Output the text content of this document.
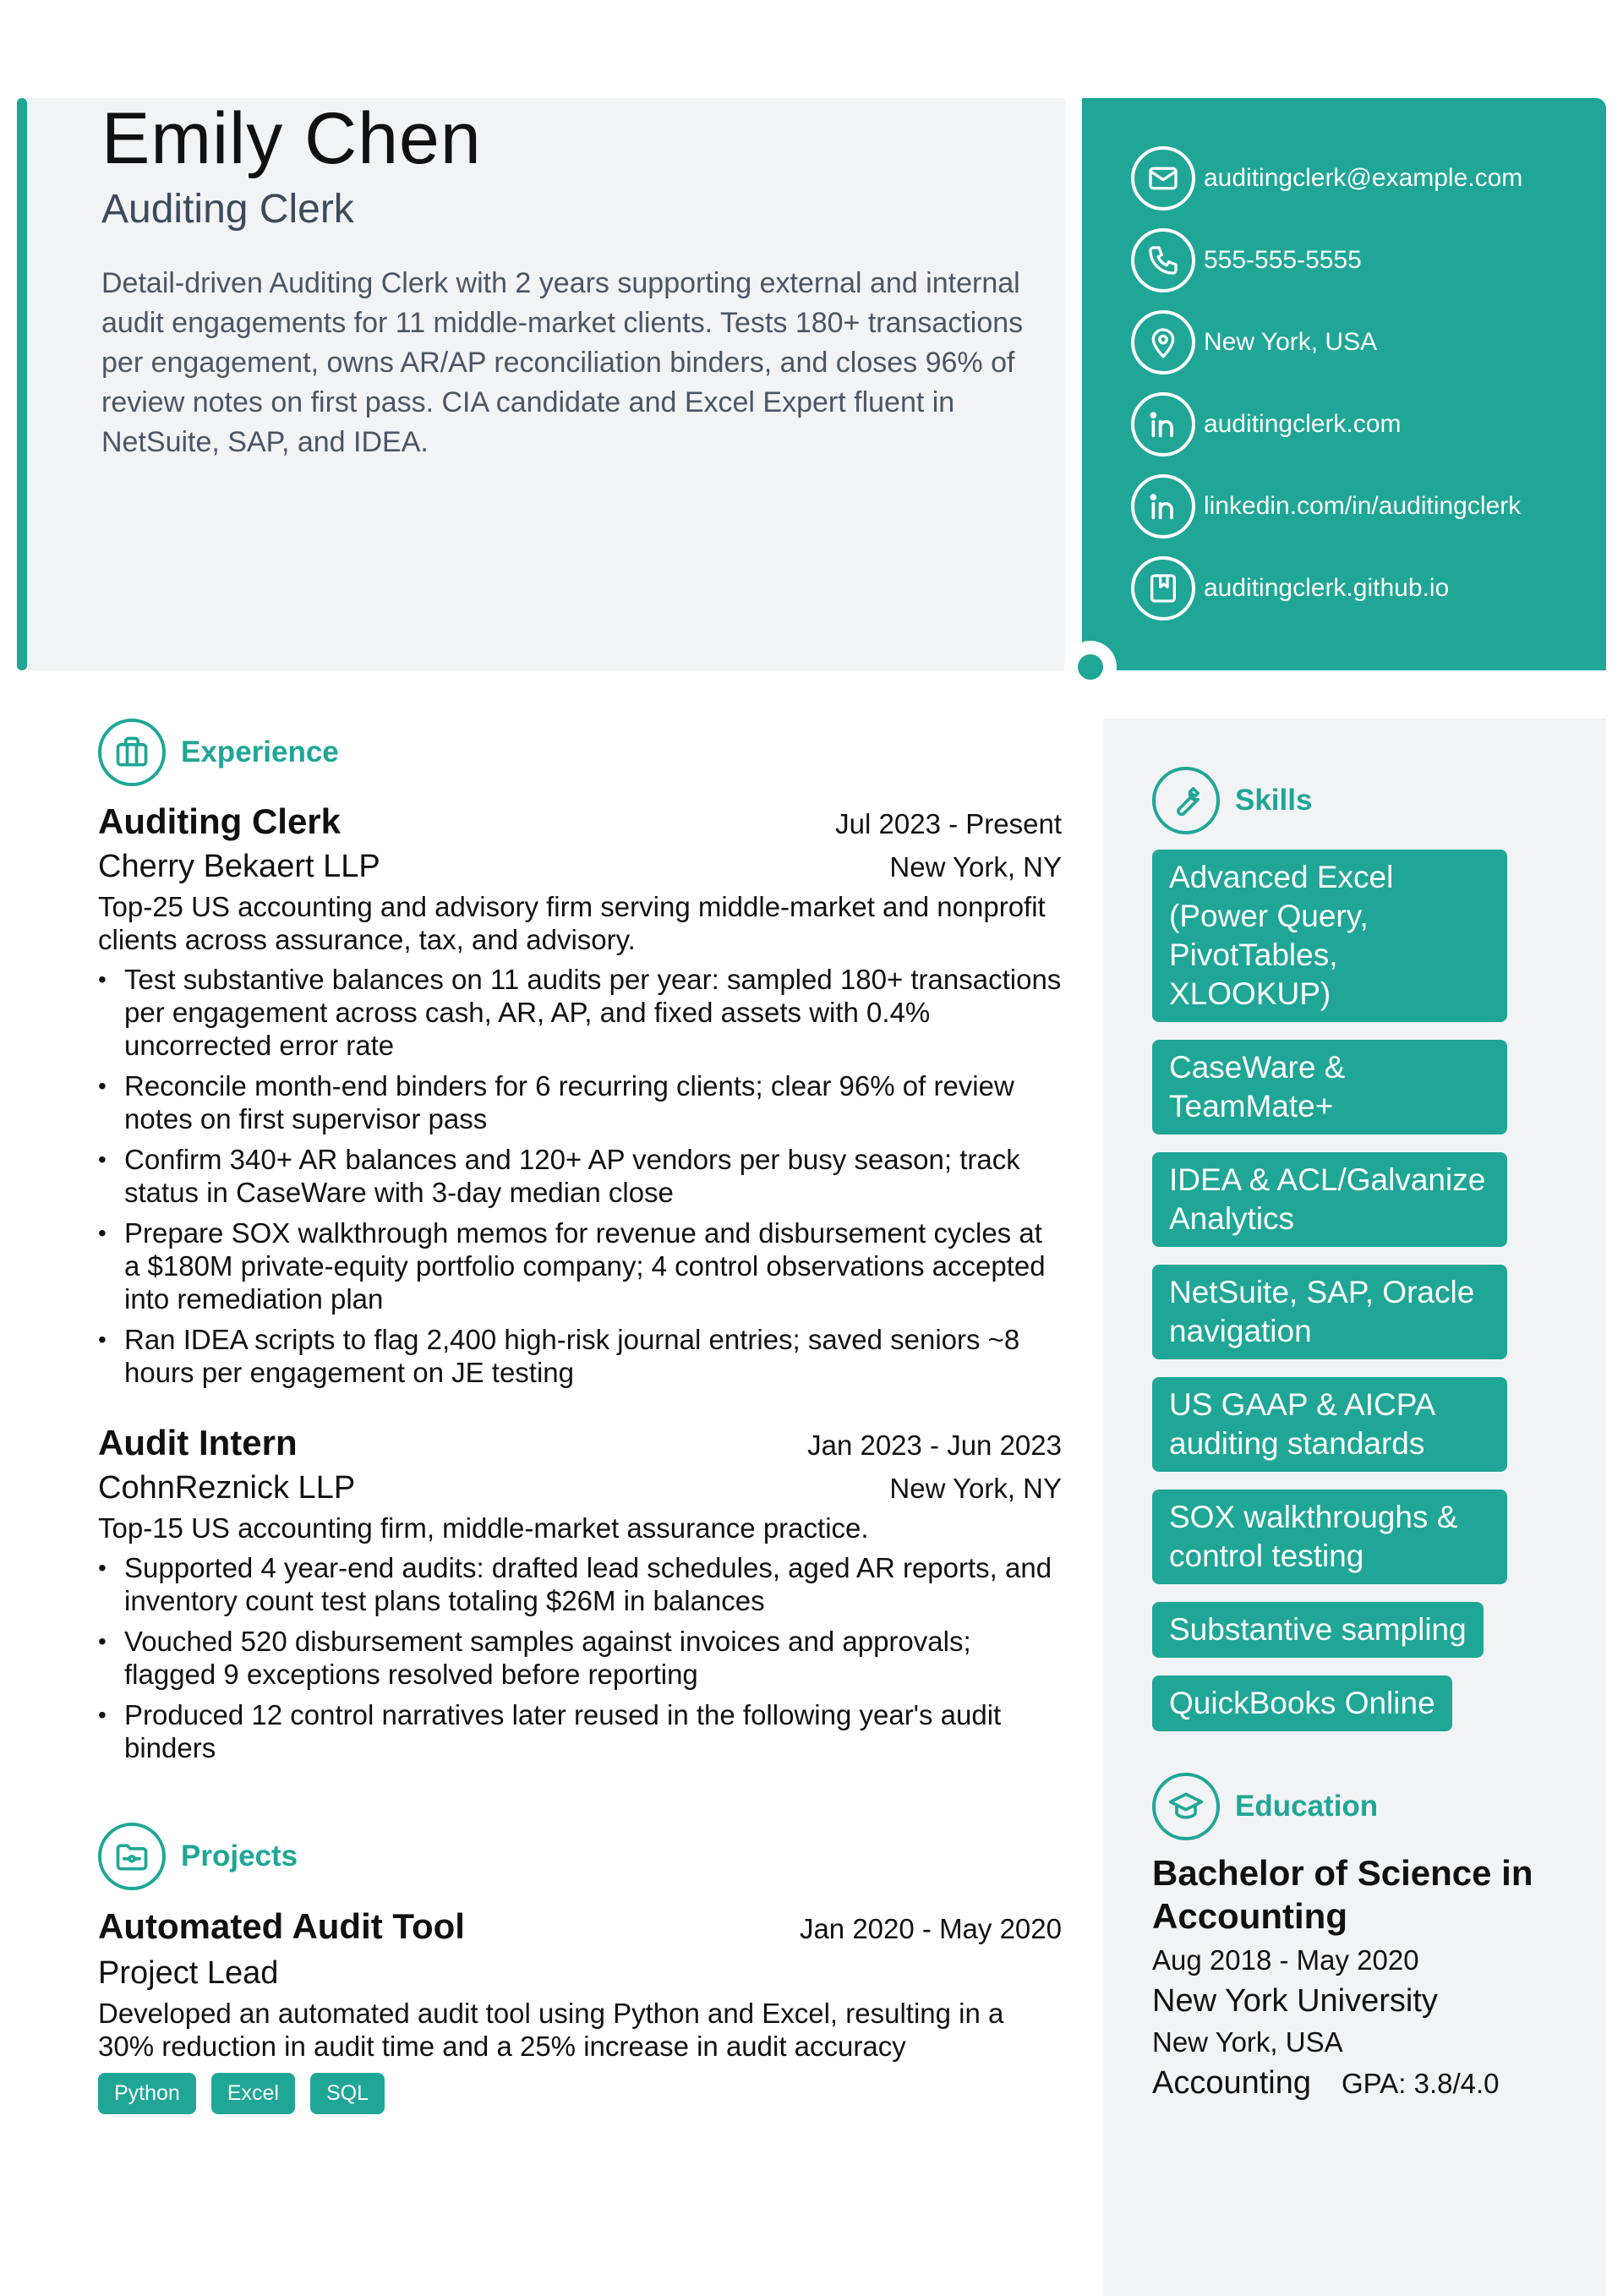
Emily Chen
Auditing Clerk

Detail-driven Auditing Clerk with 2 years supporting external and internal audit engagements for 11 middle-market clients. Tests 180+ transactions per engagement, owns AR/AP reconciliation binders, and closes 96% of review notes on first pass. CIA candidate and Excel Expert fluent in NetSuite, SAP, and IDEA.

auditingclerk@example.com
555-555-5555
New York, USA
auditingclerk.com
linkedin.com/in/auditingclerk
auditingclerk.github.io
Experience
Auditing Clerk	Jul 2023 - Present
Cherry Bekaert LLP	New York, NY

Top-25 US accounting and advisory firm serving middle-market and nonprofit clients across assurance, tax, and advisory.

• Test substantive balances on 11 audits per year: sampled 180+ transactions per engagement across cash, AR, AP, and fixed assets with 0.4% uncorrected error rate
• Reconcile month-end binders for 6 recurring clients; clear 96% of review notes on first supervisor pass
• Confirm 340+ AR balances and 120+ AP vendors per busy season; track status in CaseWare with 3-day median close
• Prepare SOX walkthrough memos for revenue and disbursement cycles at a $180M private-equity portfolio company; 4 control observations accepted into remediation plan
• Ran IDEA scripts to flag 2,400 high-risk journal entries; saved seniors ~8 hours per engagement on JE testing
Audit Intern	Jan 2023 - Jun 2023
CohnReznick LLP	New York, NY

Top-15 US accounting firm, middle-market assurance practice.

• Supported 4 year-end audits: drafted lead schedules, aged AR reports, and inventory count test plans totaling $26M in balances
• Vouched 520 disbursement samples against invoices and approvals; flagged 9 exceptions resolved before reporting
• Produced 12 control narratives later reused in the following year's audit binders
Projects
Automated Audit Tool	Jan 2020 - May 2020
Project Lead

Developed an automated audit tool using Python and Excel, resulting in a 30% reduction in audit time and a 25% increase in audit accuracy

Python	Excel	SQL
Skills
Advanced Excel (Power Query, PivotTables, XLOOKUP)
CaseWare & TeamMate+
IDEA & ACL/Galvanize Analytics
NetSuite, SAP, Oracle navigation
US GAAP & AICPA auditing standards
SOX walkthroughs & control testing
Substantive sampling
QuickBooks Online
Education
Bachelor of Science in Accounting
Aug 2018 - May 2020
New York University
New York, USA
Accounting GPA: 3.8/4.0
